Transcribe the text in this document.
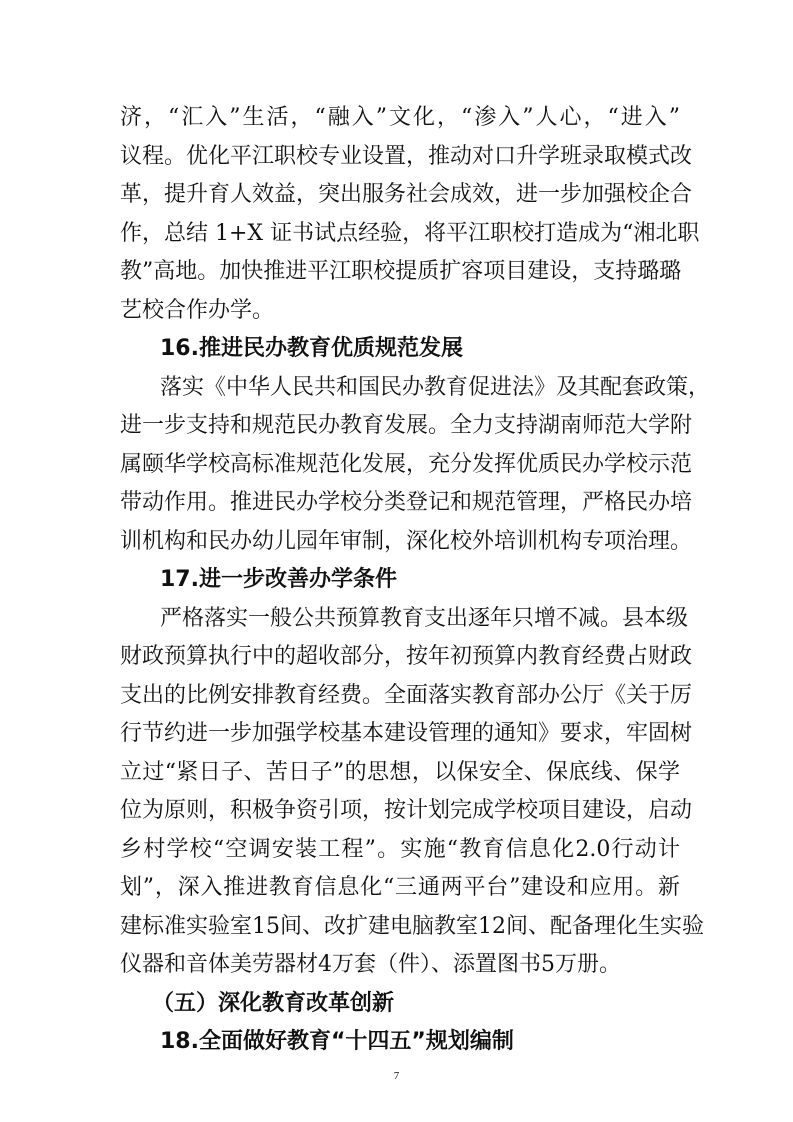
济，“汇入”生活，“融入”文化，“渗入”人心，“进入”
议程。优化平江职校专业设置，推动对口升学班录取模式改
革，提升育人效益，突出服务社会成效，进一步加强校企合
作，总结 1+X 证书试点经验，将平江职校打造成为“湘北职
教”高地。加快推进平江职校提质扩容项目建设，支持璐璐
艺校合作办学。
16.推进民办教育优质规范发展
落实《中华人民共和国民办教育促进法》及其配套政策，
进一步支持和规范民办教育发展。全力支持湖南师范大学附
属颐华学校高标准规范化发展，充分发挥优质民办学校示范
带动作用。推进民办学校分类登记和规范管理，严格民办培
训机构和民办幼儿园年审制，深化校外培训机构专项治理。
17.进一步改善办学条件
严格落实一般公共预算教育支出逐年只增不减。县本级
财政预算执行中的超收部分，按年初预算内教育经费占财政
支出的比例安排教育经费。全面落实教育部办公厅《关于厉
行节约进一步加强学校基本建设管理的通知》要求，牢固树
立过“紧日子、苦日子”的思想，以保安全、保底线、保学
位为原则，积极争资引项，按计划完成学校项目建设，启动
乡村学校“空调安装工程”。实施“教育信息化2.0行动计
划”，深入推进教育信息化“三通两平台”建设和应用。新
建标准实验室15间、改扩建电脑教室12间、配备理化生实验
仪器和音体美劳器材4万套（件）、添置图书5万册。
（五）深化教育改革创新
18.全面做好教育“十四五”规划编制
7
